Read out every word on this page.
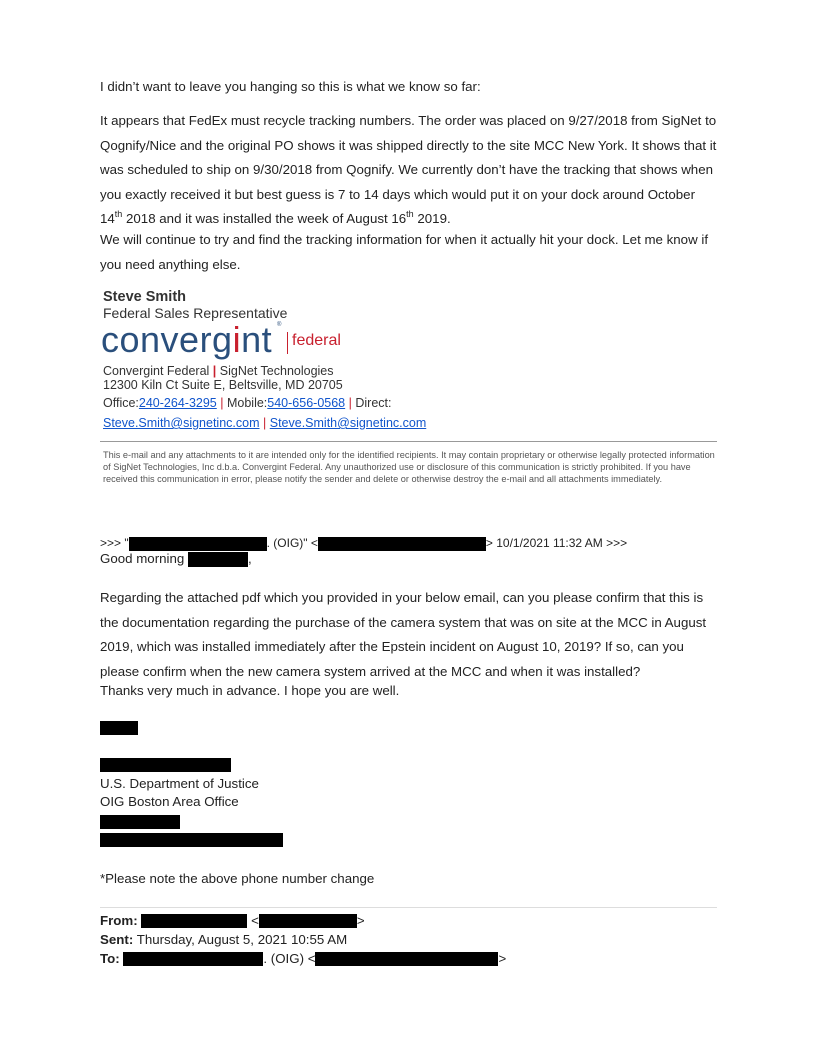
I didn’t want to leave you hanging so this is what we know so far:
It appears that FedEx must recycle tracking numbers. The order was placed on 9/27/2018 from SigNet to Qognify/Nice and the original PO shows it was shipped directly to the site MCC New York. It shows that it was scheduled to ship on 9/30/2018 from Qognify. We currently don’t have the tracking that shows when you exactly received it but best guess is 7 to 14 days which would put it on your dock around October 14th 2018 and it was installed the week of August 16th 2019.
We will continue to try and find the tracking information for when it actually hit your dock. Let me know if you need anything else.
Steve Smith
Federal Sales Representative
convergint ®
federal
Convergint Federal | SigNet Technologies
12300 Kiln Ct Suite E, Beltsville, MD 20705
Office:240-264-3295 | Mobile:540-656-0568 | Direct:
Steve.Smith@signetinc.com | Steve.Smith@signetinc.com
This e-mail and any attachments to it are intended only for the identified recipients. It may contain proprietary or otherwise legally protected information of SigNet Technologies, Inc d.b.a. Convergint Federal. Any unauthorized use or disclosure of this communication is strictly prohibited. If you have received this communication in error, please notify the sender and delete or otherwise destroy the e-mail and all attachments immediately.
>>> "	. (OIG)" <	> 10/1/2021 11:32 AM >>>
Good morning	,
Regarding the attached pdf which you provided in your below email, can you please confirm that this is the documentation regarding the purchase of the camera system that was on site at the MCC in August 2019, which was installed immediately after the Epstein incident on August 10, 2019? If so, can you please confirm when the new camera system arrived at the MCC and when it was installed?
Thanks very much in advance. I hope you are well.
U.S. Department of Justice
OIG Boston Area Office
*Please note the above phone number change
From:	<	>
Sent: Thursday, August 5, 2021 10:55 AM
To:	. (OIG) <	>
